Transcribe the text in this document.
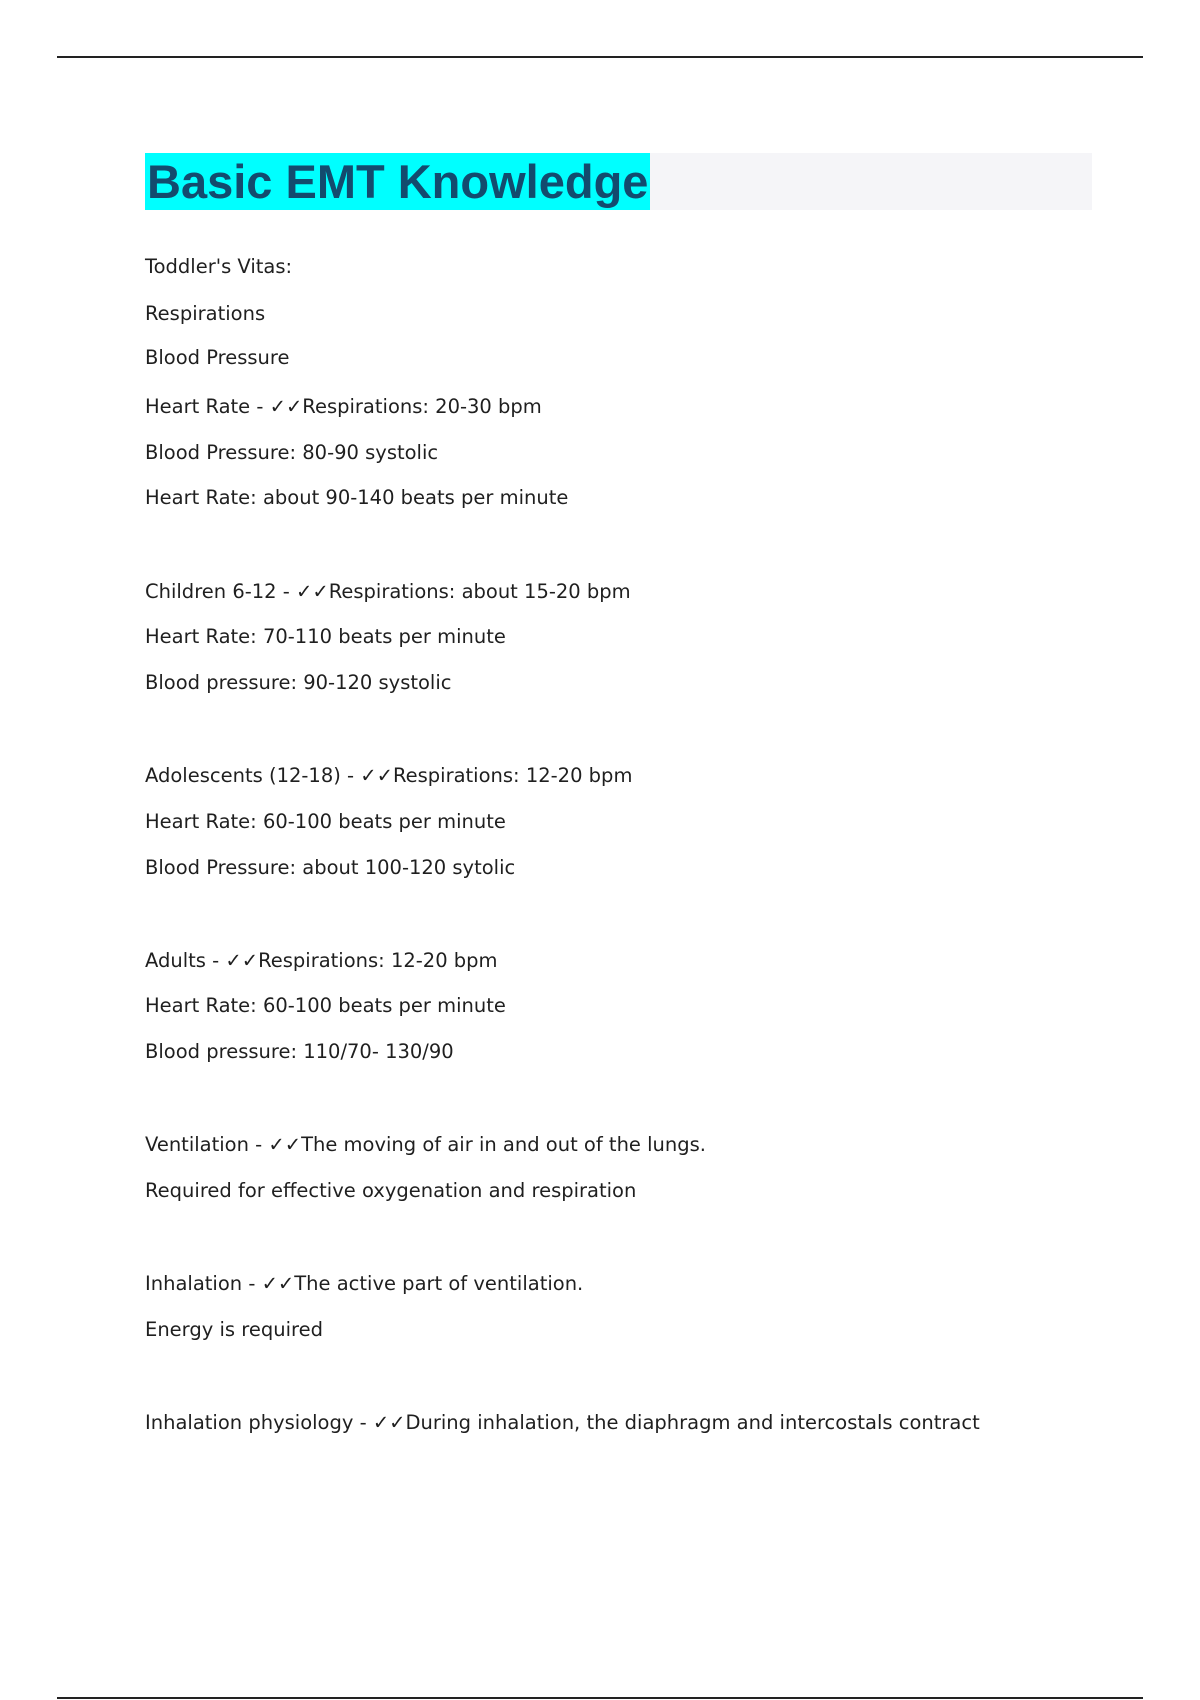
Basic EMT Knowledge
Toddler's Vitas:
Respirations
Blood Pressure
Heart Rate - ✓✓Respirations: 20-30 bpm
Blood Pressure: 80-90 systolic
Heart Rate: about 90-140 beats per minute
Children 6-12 - ✓✓Respirations: about 15-20 bpm
Heart Rate: 70-110 beats per minute
Blood pressure: 90-120 systolic
Adolescents (12-18) - ✓✓Respirations: 12-20 bpm
Heart Rate: 60-100 beats per minute
Blood Pressure: about 100-120 sytolic
Adults - ✓✓Respirations: 12-20 bpm
Heart Rate: 60-100 beats per minute
Blood pressure: 110/70- 130/90
Ventilation - ✓✓The moving of air in and out of the lungs.
Required for effective oxygenation and respiration
Inhalation - ✓✓The active part of ventilation.
Energy is required
Inhalation physiology - ✓✓During inhalation, the diaphragm and intercostals contract
